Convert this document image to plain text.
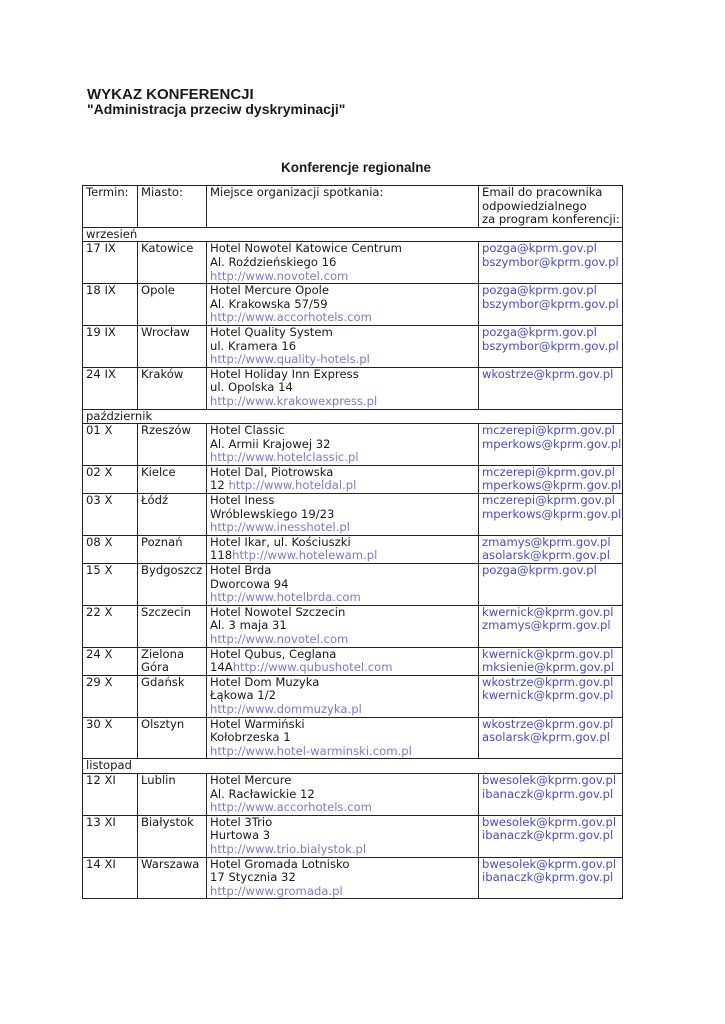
WYKAZ KONFERENCJI
"Administracja przeciw dyskryminacji"
Konferencje regionalne
Termin:	Miasto:	Miejsce organizacji spotkania:	Email do pracownika
odpowiedzialnego
za program konferencji:

wrzesień			
17 IX	Katowice	Hotel Nowotel Katowice Centrum
Al. Roździeńskiego 16
http://www.novotel.com	pozga@kprm.gov.pl
bszymbor@kprm.gov.pl

18 IX	Opole	Hotel Mercure Opole
Al. Krakowska 57/59
http://www.accorhotels.com	pozga@kprm.gov.pl
bszymbor@kprm.gov.pl

19 IX	Wrocław	Hotel Quality System
ul. Kramera 16
http://www.quality-hotels.pl	pozga@kprm.gov.pl
bszymbor@kprm.gov.pl

24 IX	Kraków	Hotel Holiday Inn Express
ul. Opolska 14
http://www.krakowexpress.pl	wkostrze@kprm.gov.pl

październik			
01 X	Rzeszów	Hotel Classic
Al. Armii Krajowej 32
http://www.hotelclassic.pl	mczerepi@kprm.gov.pl
mperkows@kprm.gov.pl

02 X	Kielce	Hotel Dal, Piotrowska
12 http://www.hoteldal.pl	mczerepi@kprm.gov.pl
mperkows@kprm.gov.pl

03 X	Łódź	Hotel Iness
Wróblewskiego 19/23
http://www.inesshotel.pl	mczerepi@kprm.gov.pl
mperkows@kprm.gov.pl

08 X	Poznań	Hotel Ikar, ul. Kościuszki
118http://www.hotelewam.pl	zmamys@kprm.gov.pl
asolarsk@kprm.gov.pl

15 X	Bydgoszcz	Hotel Brda
Dworcowa 94
http://www.hotelbrda.com	pozga@kprm.gov.pl

22 X	Szczecin	Hotel Nowotel Szczecin
Al. 3 maja 31
http://www.novotel.com	kwernick@kprm.gov.pl
zmamys@kprm.gov.pl

24 X	Zielona
Góra	Hotel Qubus, Ceglana
14Ahttp://www.qubushotel.com	kwernick@kprm.gov.pl
mksienie@kprm.gov.pl

29 X	Gdańsk	Hotel Dom Muzyka
Łąkowa 1/2
http://www.dommuzyka.pl	wkostrze@kprm.gov.pl
kwernick@kprm.gov.pl

30 X	Olsztyn	Hotel Warmiński
Kołobrzeska 1
http://www.hotel-warminski.com.pl	wkostrze@kprm.gov.pl
asolarsk@kprm.gov.pl

listopad			
12 XI	Lublin	Hotel Mercure
Al. Racławickie 12
http://www.accorhotels.com	bwesolek@kprm.gov.pl
ibanaczk@kprm.gov.pl

13 XI	Białystok	Hotel 3Trio
Hurtowa 3
http://www.trio.bialystok.pl	bwesolek@kprm.gov.pl
ibanaczk@kprm.gov.pl

14 XI	Warszawa	Hotel Gromada Lotnisko
17 Stycznia 32
http://www.gromada.pl	bwesolek@kprm.gov.pl
ibanaczk@kprm.gov.pl
